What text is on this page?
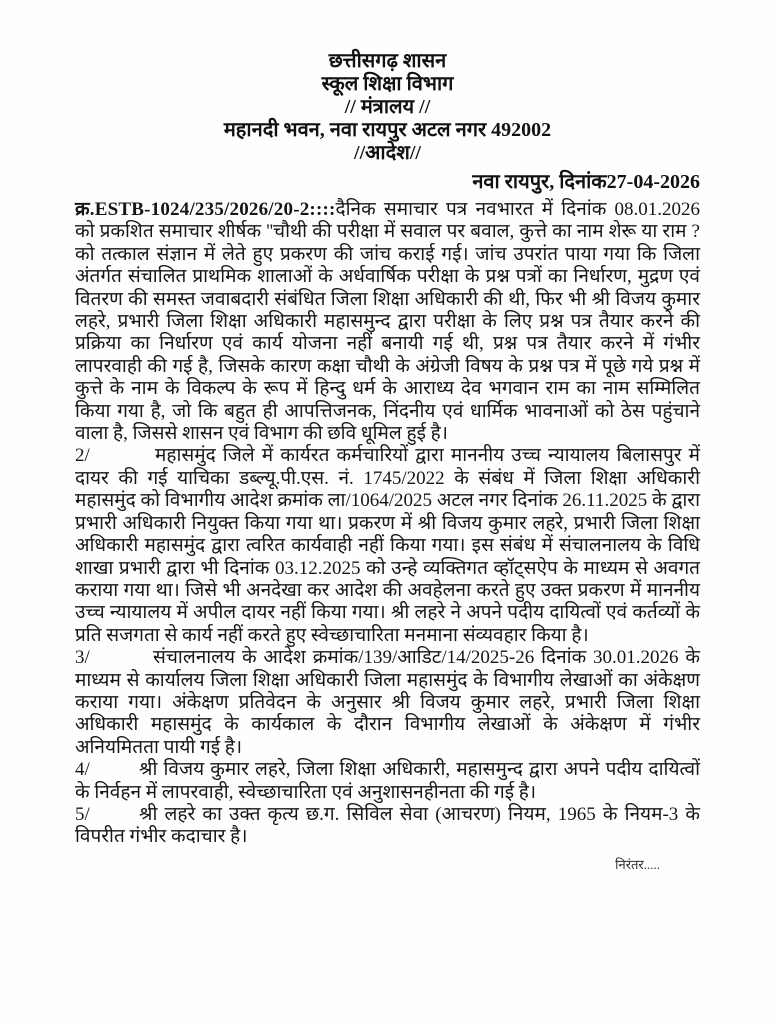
छत्तीसगढ़ शासन
स्कूल शिक्षा विभाग
// मंत्रालय //
महानदी भवन, नवा रायपुर अटल नगर 492002
//आदेश//
नवा रायपुर, दिनांक27-04-2026

क्र.ESTB-1024/235/2026/20-2::::दैनिक समाचार पत्र नवभारत में दिनांक 08.01.2026 को प्रकशित समाचार शीर्षक ''चौथी की परीक्षा में सवाल पर बवाल, कुत्ते का नाम शेरू या राम ? को तत्काल संज्ञान में लेते हुए प्रकरण की जांच कराई गई। जांच उपरांत पाया गया कि जिला अंतर्गत संचालित प्राथमिक शालाओं के अर्धवार्षिक परीक्षा के प्रश्न पत्रों का निर्धारण, मुद्रण एवं वितरण की समस्त जवाबदारी संबंधित जिला शिक्षा अधिकारी की थी, फिर भी श्री विजय कुमार लहरे, प्रभारी जिला शिक्षा अधिकारी महासमुन्द द्वारा परीक्षा के लिए प्रश्न पत्र तैयार करने की प्रक्रिया का निर्धारण एवं कार्य योजना नहीं बनायी गई थी, प्रश्न पत्र तैयार करने में गंभीर लापरवाही की गई है, जिसके कारण कक्षा चौथी के अंग्रेजी विषय के प्रश्न पत्र में पूछे गये प्रश्न में कुत्ते के नाम के विकल्प के रूप में हिन्दु धर्म के आराध्य देव भगवान राम का नाम सम्मिलित किया गया है, जो कि बहुत ही आपत्तिजनक, निंदनीय एवं धार्मिक भावनाओं को ठेस पहुंचाने वाला है, जिससे शासन एवं विभाग की छवि धूमिल हुई है।

2/	महासमुंद जिले में कार्यरत कर्मचारियों द्वारा माननीय उच्च न्यायालय बिलासपुर में दायर की गई याचिका डब्ल्यू.पी.एस. नं. 1745/2022 के संबंध में जिला शिक्षा अधिकारी महासमुंद को विभागीय आदेश क्रमांक ला/1064/2025 अटल नगर दिनांक 26.11.2025 के द्वारा प्रभारी अधिकारी नियुक्त किया गया था। प्रकरण में श्री विजय कुमार लहरे, प्रभारी जिला शिक्षा अधिकारी महासमुंद द्वारा त्वरित कार्यवाही नहीं किया गया। इस संबंध में संचालनालय के विधि शाखा प्रभारी द्वारा भी दिनांक 03.12.2025 को उन्हे व्यक्तिगत व्हॉट्सऐप के माध्यम से अवगत कराया गया था। जिसे भी अनदेखा कर आदेश की अवहेलना करते हुए उक्त प्रकरण में माननीय उच्च न्यायालय में अपील दायर नहीं किया गया। श्री लहरे ने अपने पदीय दायित्वों एवं कर्तव्यों के प्रति सजगता से कार्य नहीं करते हुए स्वेच्छाचारिता मनमाना संव्यवहार किया है।

3/	संचालनालय के आदेश क्रमांक/139/आडिट/14/2025-26 दिनांक 30.01.2026 के माध्यम से कार्यालय जिला शिक्षा अधिकारी जिला महासमुंद के विभागीय लेखाओं का अंकेक्षण कराया गया। अंकेक्षण प्रतिवेदन के अनुसार श्री विजय कुमार लहरे, प्रभारी जिला शिक्षा अधिकारी महासमुंद के कार्यकाल के दौरान विभागीय लेखाओं के अंकेक्षण में गंभीर अनियमितता पायी गई है।

4/	श्री विजय कुमार लहरे, जिला शिक्षा अधिकारी, महासमुन्द द्वारा अपने पदीय दायित्वों के निर्वहन में लापरवाही, स्वेच्छाचारिता एवं अनुशासनहीनता की गई है।

5/	श्री लहरे का उक्त कृत्य छ.ग. सिविल सेवा (आचरण) नियम, 1965 के नियम-3 के विपरीत गंभीर कदाचार है।

निरंतर.....
